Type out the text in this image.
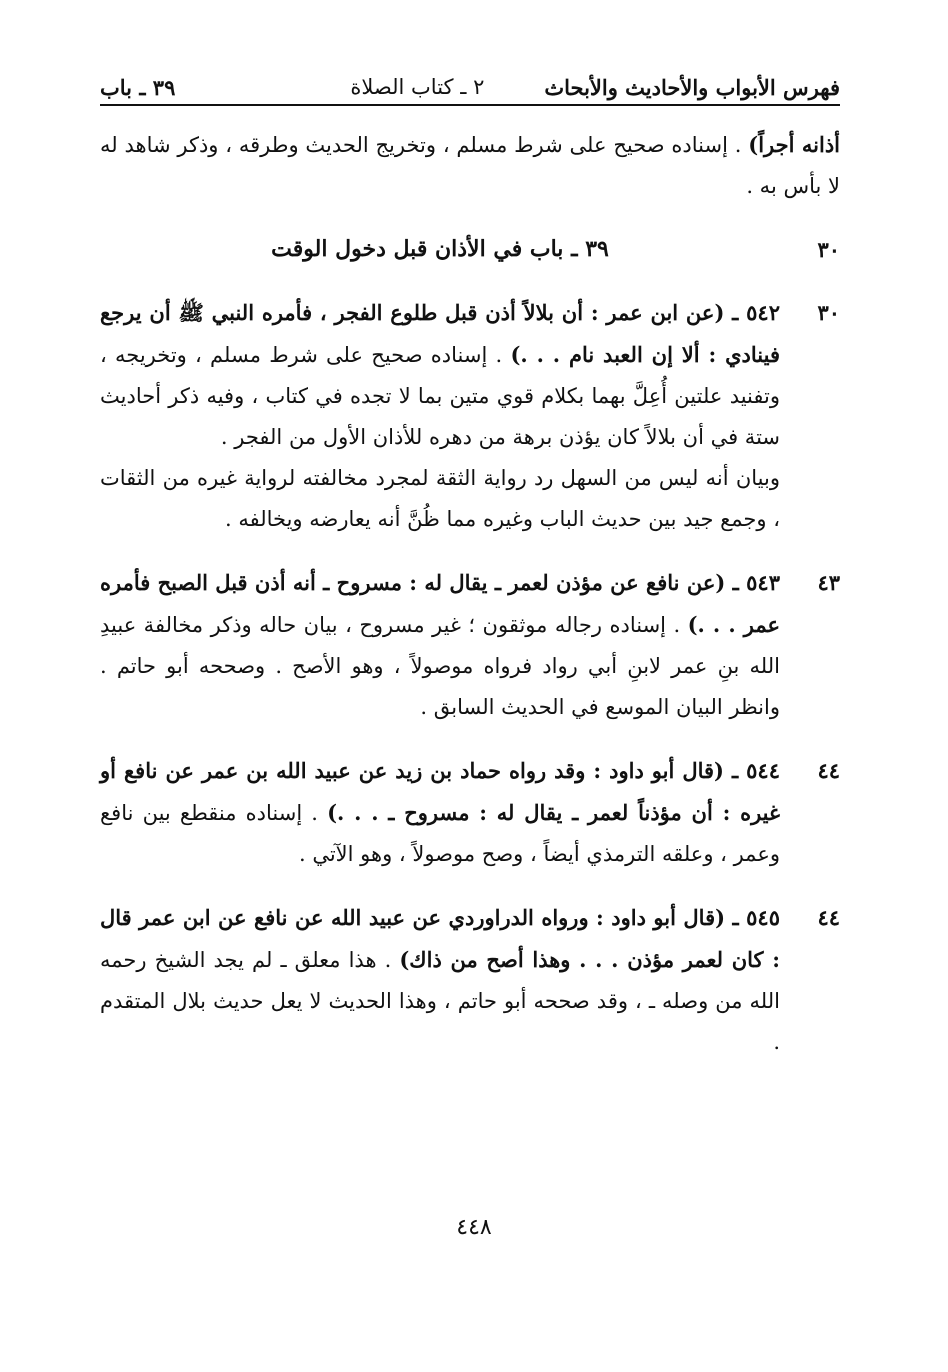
فهرس الأبواب والأحاديث والأبحاث
٢ ـ كتاب الصلاة
٣٩ ـ باب
أذانه أجراً) . إسناده صحيح على شرط مسلم ، وتخريج الحديث وطرقه ، وذكر شاهد له لا بأس به .
٣٠
٣٩ ـ باب في الأذان قبل دخول الوقت
٣٠
٥٤٢ ـ (عن ابن عمر : أن بلالاً أذن قبل طلوع الفجر ، فأمره النبي ﷺ أن يرجع فينادي : ألا إن العبد نام . . .) . إسناده صحيح على شرط مسلم ، وتخريجه ، وتفنيد علتين أُعِلَّ بهما بكلام قوي متين بما لا تجده في كتاب ، وفيه ذكر أحاديث ستة في أن بلالاً كان يؤذن برهة من دهره للأذان الأول من الفجر .
وبيان أنه ليس من السهل رد رواية الثقة لمجرد مخالفته لرواية غيره من الثقات ، وجمع جيد بين حديث الباب وغيره مما ظُنَّ أنه يعارضه ويخالفه .
٤٣
٥٤٣ ـ (عن نافع عن مؤذن لعمر ـ يقال له : مسروح ـ أنه أذن قبل الصبح فأمره عمر . . .) . إسناده رجاله موثقون ؛ غير مسروح ، بيان حاله وذكر مخالفة عبيدِ الله بنِ عمر لابنِ أبي رواد فرواه موصولاً ، وهو الأصح . وصححه أبو حاتم . وانظر البيان الموسع في الحديث السابق .
٤٤
٥٤٤ ـ (قال أبو داود : وقد رواه حماد بن زيد عن عبيد الله بن عمر عن نافع أو غيره : أن مؤذناً لعمر ـ يقال له : مسروح ـ . . .) . إسناده منقطع بين نافع وعمر ، وعلقه الترمذي أيضاً ، وصح موصولاً ، وهو الآتي .
٤٤
٥٤٥ ـ (قال أبو داود : ورواه الدراوردي عن عبيد الله عن نافع عن ابن عمر قال : كان لعمر مؤذن . . . وهذا أصح من ذاك) . هذا معلق ـ لم يجد الشيخ رحمه الله من وصله ـ ، وقد صححه أبو حاتم ، وهذا الحديث لا يعل حديث بلال المتقدم .
٤٤٨
